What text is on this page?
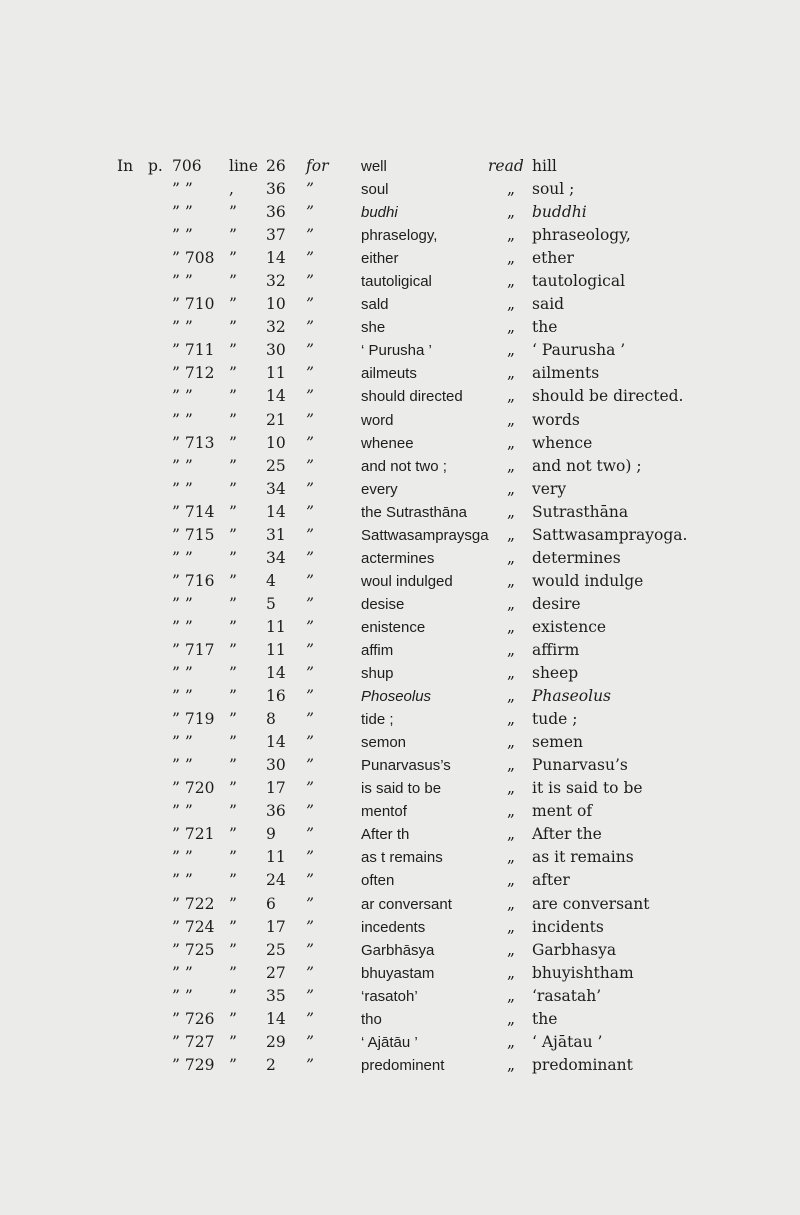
In p. 706 line 26 for well	read hill
” ” , 36 ”	soul	„ soul ;
” ” ” 36 ”	budhi	„ buddhi
” ” ” 37 ”	phraselogy,	„ phraseology,
” 708 ” 14 ”	either	„ ether
” ” ” 32 ”	tautoligical	„ tautological
” 710 ” 10 ”	sald	„ said
” ” ” 32 ”	she	„ the
” 711 ” 30 ”	‘ Purusha ’	„ ‘ Paurusha ’
” 712 ” 11 ”	ailmeuts	„ ailments
” ” ” 14 ”	should directed	„ should be directed.
” ” ” 21 ”	word	„ words
” 713 ” 10 ”	whenee	„ whence
” ” ” 25 ”	and not two ;	„ and not two) ;
” ” ” 34 ”	every	„ very
” 714 ” 14 ”	the Sutrasthāna	„ Sutrasthāna
” 715 ” 31 ”	Sattwasampraysga „ Sattwasamprayoga.
” ” ” 34 ”	actermines	„ determines
” 716 ” 4 ”	woul indulged	„ would indulge
” ” ” 5 ”	desise	„ desire
” ” ” 11 ”	enistence	„ existence
” 717 ” 11 ”	affim	„ affirm
” ” ” 14 ”	shup	„ sheep
” ” ” 16 ”	Phoseolus	„ Phaseolus
” 719 ” 8 ”	tide ;	„ tude ;
” ” ” 14 ”	semon	„ semen
” ” ” 30 ”	Punarvasus’s	„ Punarvasu’s
” 720 ” 17 ”	is said to be	„ it is said to be
” ” ” 36 ”	mentof	„ ment of
” 721 ” 9 ”	After th	„ After the
” ” ” 11 ”	as t remains	„ as it remains
” ” ” 24 ”	often	„ after
” 722 ” 6 ”	ar conversant	„ are conversant
” 724 ” 17 ”	incedents	„ incidents
” 725 ” 25 ”	Garbhāsya	„ Garbhasya
” ” ” 27 ”	bhuyastam	„ bhuyishtham
” ” ” 35 ”	‘rasatoh’	„ ‘rasatah’
” 726 ” 14 ”	tho	„ the
” 727 ” 29 ”	‘ Ajātāu ’	„ ‘ Ajātau ’
” 729 ” 2 ”	predominent	„ predominant
